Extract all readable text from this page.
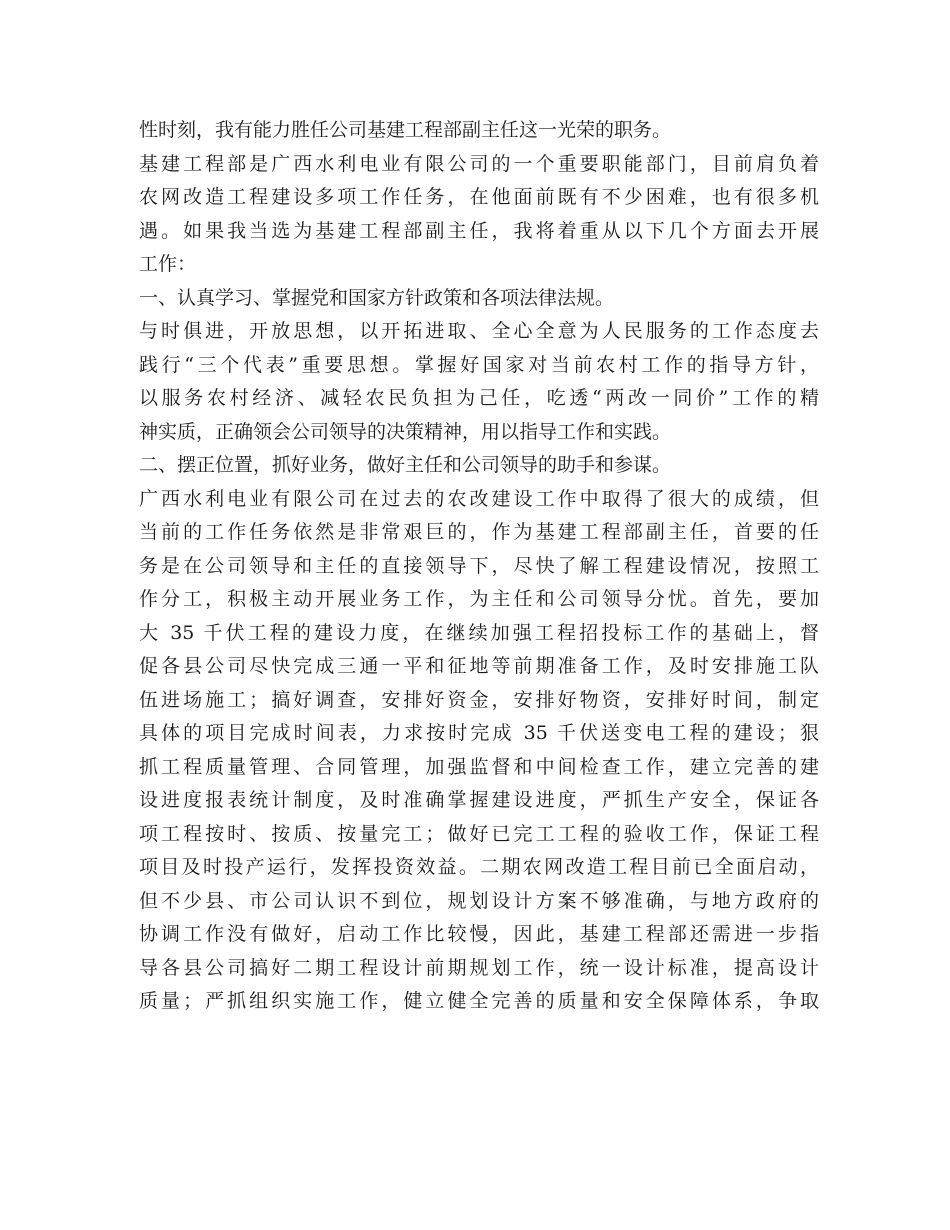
性时刻，我有能力胜任公司基建工程部副主任这一光荣的职务。
基建工程部是广西水利电业有限公司的一个重要职能部门，目前肩负着
农网改造工程建设多项工作任务，在他面前既有不少困难，也有很多机
遇。如果我当选为基建工程部副主任，我将着重从以下几个方面去开展
工作：
一、认真学习、掌握党和国家方针政策和各项法律法规。
与时俱进，开放思想，以开拓进取、全心全意为人民服务的工作态度去
践行“三个代表”重要思想。掌握好国家对当前农村工作的指导方针，
以服务农村经济、减轻农民负担为己任，吃透“两改一同价”工作的精
神实质，正确领会公司领导的决策精神，用以指导工作和实践。
二、摆正位置，抓好业务，做好主任和公司领导的助手和参谋。
广西水利电业有限公司在过去的农改建设工作中取得了很大的成绩，但
当前的工作任务依然是非常艰巨的，作为基建工程部副主任，首要的任
务是在公司领导和主任的直接领导下，尽快了解工程建设情况，按照工
作分工，积极主动开展业务工作，为主任和公司领导分忧。首先，要加
大 35 千伏工程的建设力度，在继续加强工程招投标工作的基础上，督
促各县公司尽快完成三通一平和征地等前期准备工作，及时安排施工队
伍进场施工；搞好调查，安排好资金，安排好物资，安排好时间，制定
具体的项目完成时间表，力求按时完成 35 千伏送变电工程的建设；狠
抓工程质量管理、合同管理，加强监督和中间检查工作，建立完善的建
设进度报表统计制度，及时准确掌握建设进度，严抓生产安全，保证各
项工程按时、按质、按量完工；做好已完工工程的验收工作，保证工程
项目及时投产运行，发挥投资效益。二期农网改造工程目前已全面启动，
但不少县、市公司认识不到位，规划设计方案不够准确，与地方政府的
协调工作没有做好，启动工作比较慢，因此，基建工程部还需进一步指
导各县公司搞好二期工程设计前期规划工作，统一设计标准，提高设计
质量；严抓组织实施工作，健立健全完善的质量和安全保障体系，争取
